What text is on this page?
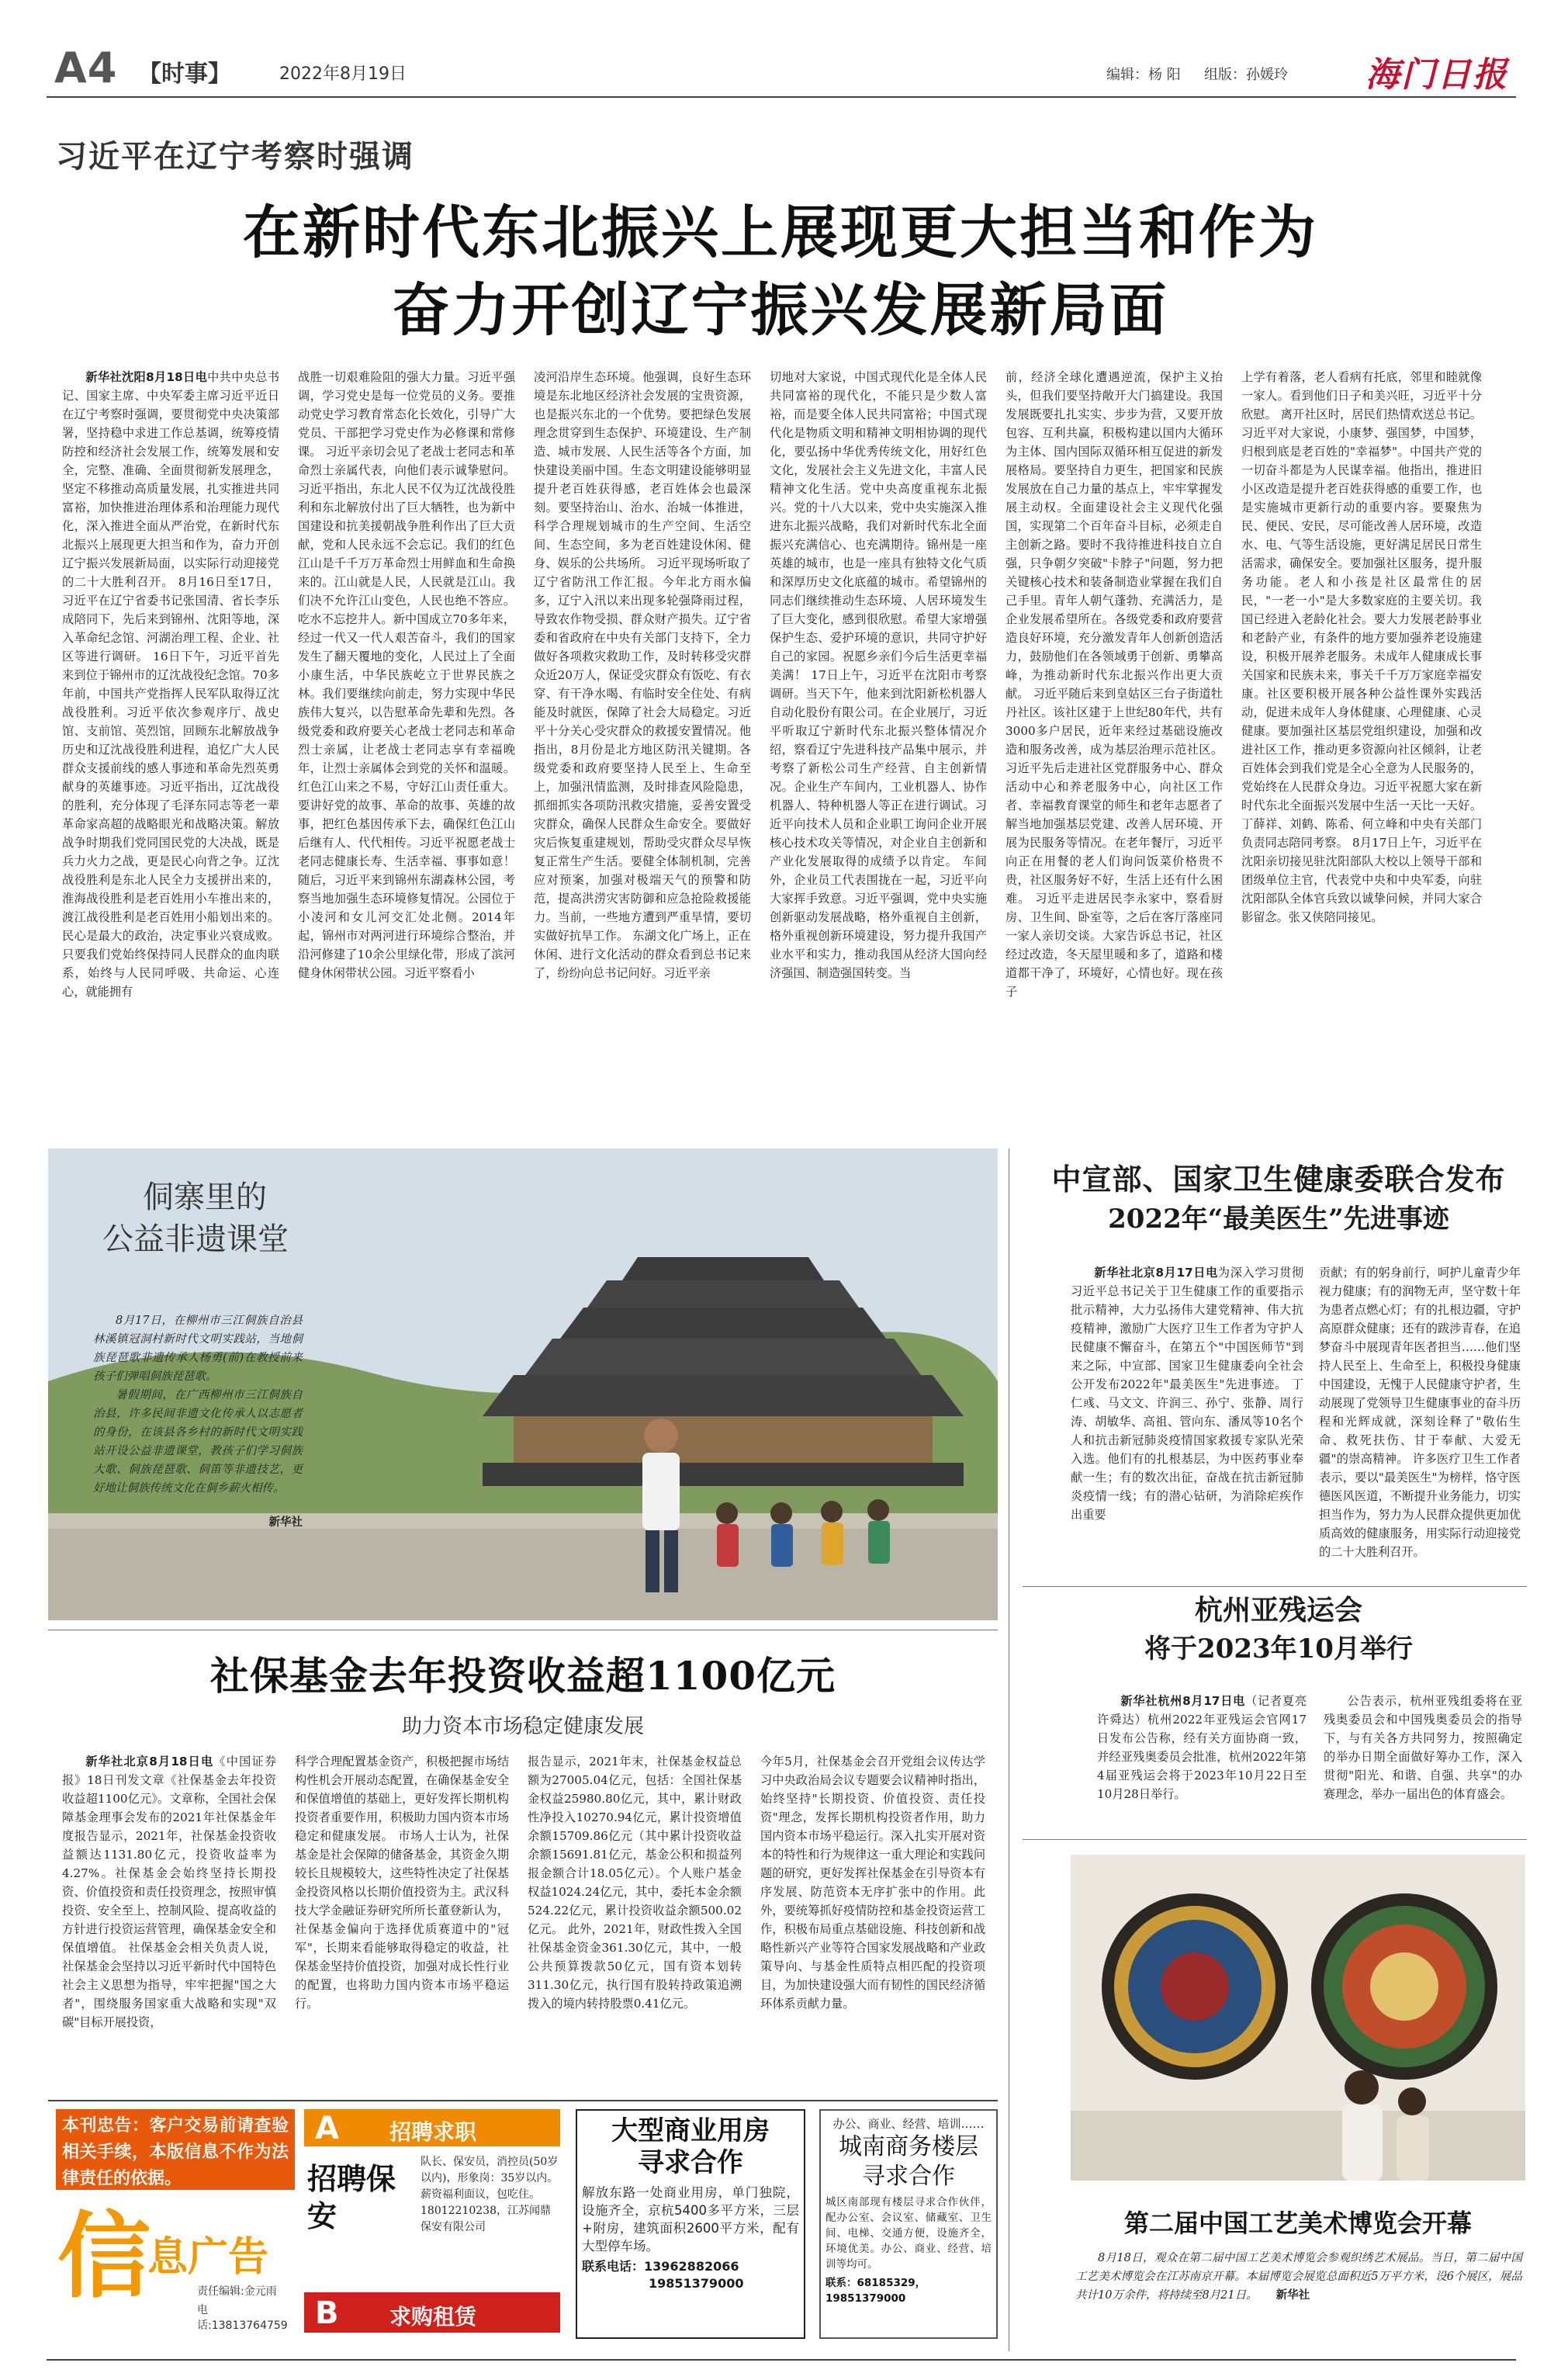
A4 【时事】	2022年8月19日	编辑：杨 阳 组版：孙媛玲 海门日报
习近平在辽宁考察时强调
在新时代东北振兴上展现更大担当和作为
奋力开创辽宁振兴发展新局面

新华社沈阳8月18日电中共中央总书记、国家主席、中央军委主席习近平近日在辽宁考察时强调，要贯彻党中央决策部署，坚持稳中求进工作总基调，统筹疫情防控和经济社会发展工作，统筹发展和安全，完整、准确、全面贯彻新发展理念，坚定不移推动高质量发展，扎实推进共同富裕，加快推进治理体系和治理能力现代化，深入推进全面从严治党，在新时代东北振兴上展现更大担当和作为，奋力开创辽宁振兴发展新局面，以实际行动迎接党的二十大胜利召开。 8月16日至17日，习近平在辽宁省委书记张国清、省长李乐成陪同下，先后来到锦州、沈阳等地，深入革命纪念馆、河湖治理工程、企业、社区等进行调研。 16日下午，习近平首先来到位于锦州市的辽沈战役纪念馆。70多年前，中国共产党指挥人民军队取得辽沈战役胜利。习近平依次参观序厅、战史馆、支前馆、英烈馆，回顾东北解放战争历史和辽沈战役胜利进程，追忆广大人民群众支援前线的感人事迹和革命先烈英勇献身的英雄事迹。习近平指出，辽沈战役的胜利，充分体现了毛泽东同志等老一辈革命家高超的战略眼光和战略决策。解放战争时期我们党同国民党的大决战，既是兵力火力之战，更是民心向背之争。辽沈战役胜利是东北人民全力支援拼出来的，淮海战役胜利是老百姓用小车推出来的，渡江战役胜利是老百姓用小船划出来的。民心是最大的政治，决定事业兴衰成败。只要我们党始终保持同人民群众的血肉联系，始终与人民同呼吸、共命运、心连心，就能拥有

战胜一切艰难险阻的强大力量。习近平强调，学习党史是每一位党员的义务。要推动党史学习教育常态化长效化，引导广大党员、干部把学习党史作为必修课和常修课。 习近平亲切会见了老战士老同志和革命烈士亲属代表，向他们表示诚挚慰问。习近平指出，东北人民不仅为辽沈战役胜利和东北解放付出了巨大牺牲，也为新中国建设和抗美援朝战争胜利作出了巨大贡献，党和人民永远不会忘记。我们的红色江山是千千万万革命烈士用鲜血和生命换来的。江山就是人民，人民就是江山。我们决不允许江山变色，人民也绝不答应。吃水不忘挖井人。新中国成立70多年来，经过一代又一代人艰苦奋斗，我们的国家发生了翻天覆地的变化，人民过上了全面小康生活，中华民族屹立于世界民族之林。我们要继续向前走，努力实现中华民族伟大复兴，以告慰革命先辈和先烈。各级党委和政府要关心老战士老同志和革命烈士亲属，让老战士老同志享有幸福晚年，让烈士亲属体会到党的关怀和温暖。红色江山来之不易，守好江山责任重大。要讲好党的故事、革命的故事、英雄的故事，把红色基因传承下去，确保红色江山后继有人、代代相传。习近平祝愿老战士老同志健康长寿、生活幸福、事事如意！ 随后，习近平来到锦州东湖森林公园，考察当地加强生态环境修复情况。公园位于小凌河和女儿河交汇处北侧。2014年起，锦州市对两河进行环境综合整治，并沿河修建了10余公里绿化带，形成了滨河健身休闲带状公园。习近平察看小

凌河沿岸生态环境。他强调，良好生态环境是东北地区经济社会发展的宝贵资源，也是振兴东北的一个优势。要把绿色发展理念贯穿到生态保护、环境建设、生产制造、城市发展、人民生活等各个方面，加快建设美丽中国。生态文明建设能够明显提升老百姓获得感，老百姓体会也最深刻。要坚持治山、治水、治城一体推进，科学合理规划城市的生产空间、生活空间、生态空间，多为老百姓建设休闲、健身、娱乐的公共场所。 习近平现场听取了辽宁省防汛工作汇报。今年北方雨水偏多，辽宁入汛以来出现多轮强降雨过程，导致农作物受损、群众财产损失。辽宁省委和省政府在中央有关部门支持下，全力做好各项救灾救助工作，及时转移受灾群众近20万人，保证受灾群众有饭吃、有衣穿、有干净水喝、有临时安全住处、有病能及时就医，保障了社会大局稳定。习近平十分关心受灾群众的救援安置情况。他指出，8月份是北方地区防汛关键期。各级党委和政府要坚持人民至上、生命至上，加强汛情监测，及时排查风险隐患，抓细抓实各项防汛救灾措施，妥善安置受灾群众，确保人民群众生命安全。要做好灾后恢复重建规划，帮助受灾群众尽早恢复正常生产生活。要健全体制机制，完善应对预案，加强对极端天气的预警和防范，提高洪涝灾害防御和应急抢险救援能力。当前，一些地方遭到严重旱情，要切实做好抗旱工作。 东湖文化广场上，正在休闲、进行文化活动的群众看到总书记来了，纷纷向总书记问好。习近平亲

切地对大家说，中国式现代化是全体人民共同富裕的现代化，不能只是少数人富裕，而是要全体人民共同富裕；中国式现代化是物质文明和精神文明相协调的现代化，要弘扬中华优秀传统文化，用好红色文化，发展社会主义先进文化，丰富人民精神文化生活。党中央高度重视东北振兴。党的十八大以来，党中央实施深入推进东北振兴战略，我们对新时代东北全面振兴充满信心、也充满期待。锦州是一座英雄的城市，也是一座具有独特文化气质和深厚历史文化底蕴的城市。希望锦州的同志们继续推动生态环境、人居环境发生了巨大变化，感到很欣慰。希望大家增强保护生态、爱护环境的意识，共同守护好自己的家园。祝愿乡亲们今后生活更幸福美满！ 17日上午，习近平在沈阳市考察调研。当天下午，他来到沈阳新松机器人自动化股份有限公司。在企业展厅，习近平听取辽宁新时代东北振兴整体情况介绍，察看辽宁先进科技产品集中展示，并考察了新松公司生产经营、自主创新情况。企业生产车间内，工业机器人、协作机器人、特种机器人等正在进行调试。习近平向技术人员和企业职工询问企业开展核心技术攻关等情况，对企业自主创新和产业化发展取得的成绩予以肯定。 车间外，企业员工代表围拢在一起，习近平向大家挥手致意。习近平强调，党中央实施创新驱动发展战略，格外重视自主创新，格外重视创新环境建设，努力提升我国产业水平和实力，推动我国从经济大国向经济强国、制造强国转变。当

前，经济全球化遭遇逆流，保护主义抬头，但我们要坚持敞开大门搞建设。我国发展既要扎扎实实、步步为营，又要开放包容、互利共赢，积极构建以国内大循环为主体、国内国际双循环相互促进的新发展格局。要坚持自力更生，把国家和民族发展放在自己力量的基点上，牢牢掌握发展主动权。全面建设社会主义现代化强国，实现第二个百年奋斗目标，必须走自主创新之路。要时不我待推进科技自立自强，只争朝夕突破"卡脖子"问题，努力把关键核心技术和装备制造业掌握在我们自己手里。青年人朝气蓬勃、充满活力，是企业发展希望所在。各级党委和政府要营造良好环境，充分激发青年人创新创造活力，鼓励他们在各领域勇于创新、勇攀高峰，为推动新时代东北振兴作出更大贡献。 习近平随后来到皇姑区三台子街道牡丹社区。该社区建于上世纪80年代，共有3000多户居民，近年来经过基础设施改造和服务改善，成为基层治理示范社区。习近平先后走进社区党群服务中心、群众活动中心和养老服务中心，向社区工作者、幸福教育课堂的师生和老年志愿者了解当地加强基层党建、改善人居环境、开展为民服务等情况。在老年餐厅，习近平向正在用餐的老人们询问饭菜价格贵不贵，社区服务好不好，生活上还有什么困难。 习近平走进居民李永家中，察看厨房、卫生间、卧室等，之后在客厅落座同一家人亲切交谈。大家告诉总书记，社区经过改造，冬天屋里暖和多了，道路和楼道都干净了，环境好，心情也好。现在孩子

上学有着落，老人看病有托底，邻里和睦就像一家人。看到他们日子和美兴旺，习近平十分欣慰。 离开社区时，居民们热情欢送总书记。习近平对大家说，小康梦、强国梦，中国梦，归根到底是老百姓的"幸福梦"。中国共产党的一切奋斗都是为人民谋幸福。他指出，推进旧小区改造是提升老百姓获得感的重要工作，也是实施城市更新行动的重要内容。要聚焦为民、便民、安民，尽可能改善人居环境，改造水、电、气等生活设施，更好满足居民日常生活需求，确保安全。要加强社区服务，提升服务功能。老人和小孩是社区最常住的居民，"一老一小"是大多数家庭的主要关切。我国已经进入老龄化社会。要大力发展老龄事业和老龄产业，有条件的地方要加强养老设施建设，积极开展养老服务。未成年人健康成长事关国家和民族未来，事关千千万万家庭幸福安康。社区要积极开展各种公益性课外实践活动，促进未成年人身体健康、心理健康、心灵健康。要加强社区基层党组织建设，加强和改进社区工作，推动更多资源向社区倾斜，让老百姓体会到我们党是全心全意为人民服务的，党始终在人民群众身边。习近平祝愿大家在新时代东北全面振兴发展中生活一天比一天好。 丁薛祥、刘鹤、陈希、何立峰和中央有关部门负责同志陪同考察。 8月17日上午，习近平在沈阳亲切接见驻沈阳部队大校以上领导干部和团级单位主官，代表党中央和中央军委，向驻沈阳部队全体官兵致以诚挚问候，并同大家合影留念。张又侠陪同接见。

侗寨里的
公益非遗课堂

8月17日，在柳州市三江侗族自治县林溪镇冠洞村新时代文明实践站，当地侗族琵琶歌非遗传承人杨勇(前)在教授前来孩子们弹唱侗族琵琶歌。

暑假期间，在广西柳州市三江侗族自治县，许多民间非遗文化传承人以志愿者的身份，在该县各乡村的新时代文明实践站开设公益非遗课堂，教孩子们学习侗族大歌、侗族琵琶歌、侗笛等非遗技艺，更好地让侗族传统文化在侗乡薪火相传。

新华社

中宣部、国家卫生健康委联合发布
2022年“最美医生”先进事迹

新华社北京8月17日电为深入学习贯彻习近平总书记关于卫生健康工作的重要指示批示精神，大力弘扬伟大建党精神、伟大抗疫精神，激励广大医疗卫生工作者为守护人民健康不懈奋斗，在第五个"中国医师节"到来之际，中宣部、国家卫生健康委向全社会公开发布2022年"最美医生"先进事迹。 丁仁彧、马文文、许润三、孙宁、张静、周行涛、胡敏华、高祖、管向东、潘凤等10名个人和抗击新冠肺炎疫情国家救援专家队光荣入选。他们有的扎根基层，为中医药事业奉献一生；有的数次出征，奋战在抗击新冠肺炎疫情一线；有的潜心钻研，为消除疟疾作出重要

贡献；有的躬身前行，呵护儿童青少年视力健康；有的润物无声，坚守数十年为患者点燃心灯；有的扎根边疆，守护高原群众健康；还有的跋涉青春，在追梦奋斗中展现青年医者担当……他们坚持人民至上、生命至上，积极投身健康中国建设，无愧于人民健康守护者，生动展现了党领导卫生健康事业的奋斗历程和光辉成就，深刻诠释了"敬佑生命、救死扶伤、甘于奉献、大爱无疆"的崇高精神。 许多医疗卫生工作者表示，要以"最美医生"为榜样，恪守医德医风医道，不断提升业务能力，切实担当作为，努力为人民群众提供更加优质高效的健康服务，用实际行动迎接党的二十大胜利召开。

杭州亚残运会
将于2023年10月举行

新华社杭州8月17日电（记者夏亮 许舜达）杭州2022年亚残运会官网17日发布公告称，经有关方面协商一致，并经亚残奥委员会批准，杭州2022年第4届亚残运会将于2023年10月22日至10月28日举行。

公告表示，杭州亚残组委将在亚残奥委员会和中国残奥委员会的指导下，与有关各方共同努力，按照确定的举办日期全面做好筹办工作，深入贯彻"阳光、和谐、自强、共享"的办赛理念，举办一届出色的体育盛会。

社保基金去年投资收益超1100亿元
助力资本市场稳定健康发展

新华社北京8月18日电《中国证券报》18日刊发文章《社保基金去年投资收益超1100亿元》。文章称，全国社会保障基金理事会发布的2021年社保基金年度报告显示，2021年，社保基金投资收益额达1131.80亿元，投资收益率为4.27%。社保基金会始终坚持长期投资、价值投资和责任投资理念，按照审慎投资、安全至上、控制风险、提高收益的方针进行投资运营管理，确保基金安全和保值增值。 社保基金会相关负责人说，社保基金会坚持以习近平新时代中国特色社会主义思想为指导，牢牢把握"国之大者"，围绕服务国家重大战略和实现"双碳"目标开展投资，

科学合理配置基金资产，积极把握市场结构性机会开展动态配置，在确保基金安全和保值增值的基础上，更好发挥长期机构投资者重要作用，积极助力国内资本市场稳定和健康发展。 市场人士认为，社保基金是社会保障的储备基金，其资金久期较长且规模较大，这些特性决定了社保基金投资风格以长期价值投资为主。武汉科技大学金融证券研究所所长董登新认为，社保基金偏向于选择优质赛道中的"冠军"，长期来看能够取得稳定的收益，社保基金坚持价值投资，加强对成长性行业的配置，也将助力国内资本市场平稳运行。

报告显示，2021年末，社保基金权益总额为27005.04亿元，包括：全国社保基金权益25980.80亿元，其中，累计财政性净投入10270.94亿元，累计投资增值余额15709.86亿元（其中累计投资收益余额15691.81亿元，基金公积和损益列报金额合计18.05亿元）。个人账户基金权益1024.24亿元，其中，委托本金余额524.22亿元，累计投资收益余额500.02亿元。 此外，2021年，财政性拨入全国社保基金资金361.30亿元，其中，一般公共预算拨款50亿元，国有资本划转311.30亿元，执行国有股转持政策追溯拨入的境内转持股票0.41亿元。

今年5月，社保基金会召开党组会议传达学习中央政治局会议专题要会议精神时指出，始终坚持"长期投资、价值投资、责任投资"理念，发挥长期机构投资者作用，助力国内资本市场平稳运行。深入扎实开展对资本的特性和行为规律这一重大理论和实践问题的研究，更好发挥社保基金在引导资本有序发展、防范资本无序扩张中的作用。此外，要统筹抓好疫情防控和基金投资运营工作，积极布局重点基础设施、科技创新和战略性新兴产业等符合国家发展战略和产业政策导向、与基金性质特点相匹配的投资项目，为加快建设强大而有韧性的国民经济循环体系贡献力量。

第二届中国工艺美术博览会开幕
8月18日，观众在第二届中国工艺美术博览会参观织绣艺术展品。当日，第二届中国工艺美术博览会在江苏南京开幕。本届博览会展览总面积近5万平方米，设6个展区，展品共计10万余件，将持续至8月21日。 新华社
本刊忠告：客户交易前请查验相关手续，本版信息不作为法律责任的依据。
信
息广告
责任编辑:金元雨
电话:13813764759
A 招聘求职
招聘保安
队长、保安员，消控员(50岁以内)，形象岗：35岁以内。薪资福利面议，包吃住。18012210238，江苏闻鼎保安有限公司
B 求购租赁
大型商业用房
寻求合作
解放东路一处商业用房，单门独院，设施齐全，京杭5400多平方米，三层+附房，建筑面积2600平方米，配有大型停车场。
联系电话：13962882066
19851379000
办公、商业、经营、培训……
城南商务楼层
寻求合作
城区南部现有楼层寻求合作伙伴，配办公室、会议室、储藏室、卫生间、电梯、交通方便，设施齐全，环境优美。办公、商业、经营、培训等均可。
联系：68185329，19851379000
